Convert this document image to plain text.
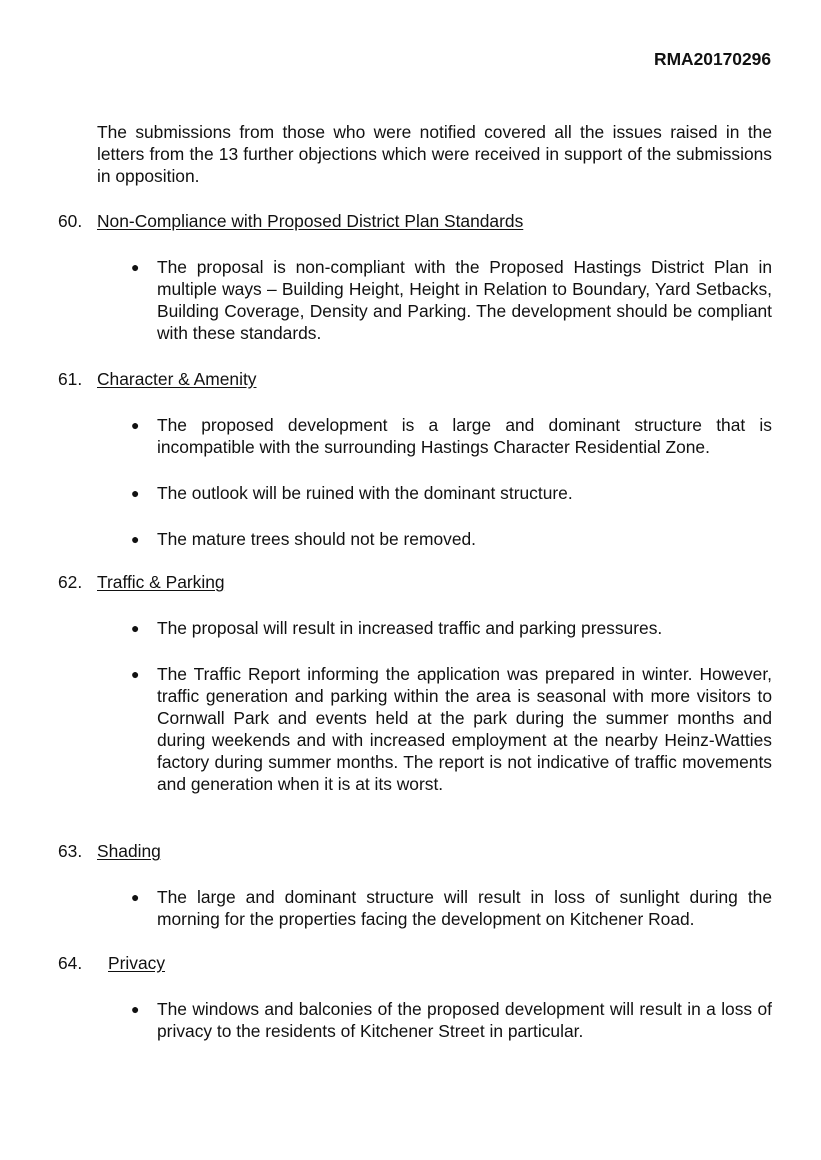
RMA20170296

The submissions from those who were notified covered all the issues raised in the letters from the 13 further objections which were received in support of the submissions in opposition.

60. Non-Compliance with Proposed District Plan Standards
● The proposal is non-compliant with the Proposed Hastings District Plan in multiple ways – Building Height, Height in Relation to Boundary, Yard Setbacks, Building Coverage, Density and Parking. The development should be compliant with these standards.
61. Character & Amenity
● The proposed development is a large and dominant structure that is incompatible with the surrounding Hastings Character Residential Zone.
● The outlook will be ruined with the dominant structure.
● The mature trees should not be removed.
62. Traffic & Parking
● The proposal will result in increased traffic and parking pressures.
● The Traffic Report informing the application was prepared in winter. However, traffic generation and parking within the area is seasonal with more visitors to Cornwall Park and events held at the park during the summer months and during weekends and with increased employment at the nearby Heinz-Watties factory during summer months. The report is not indicative of traffic movements and generation when it is at its worst.
63. Shading
● The large and dominant structure will result in loss of sunlight during the morning for the properties facing the development on Kitchener Road.
64. Privacy
● The windows and balconies of the proposed development will result in a loss of privacy to the residents of Kitchener Street in particular.
